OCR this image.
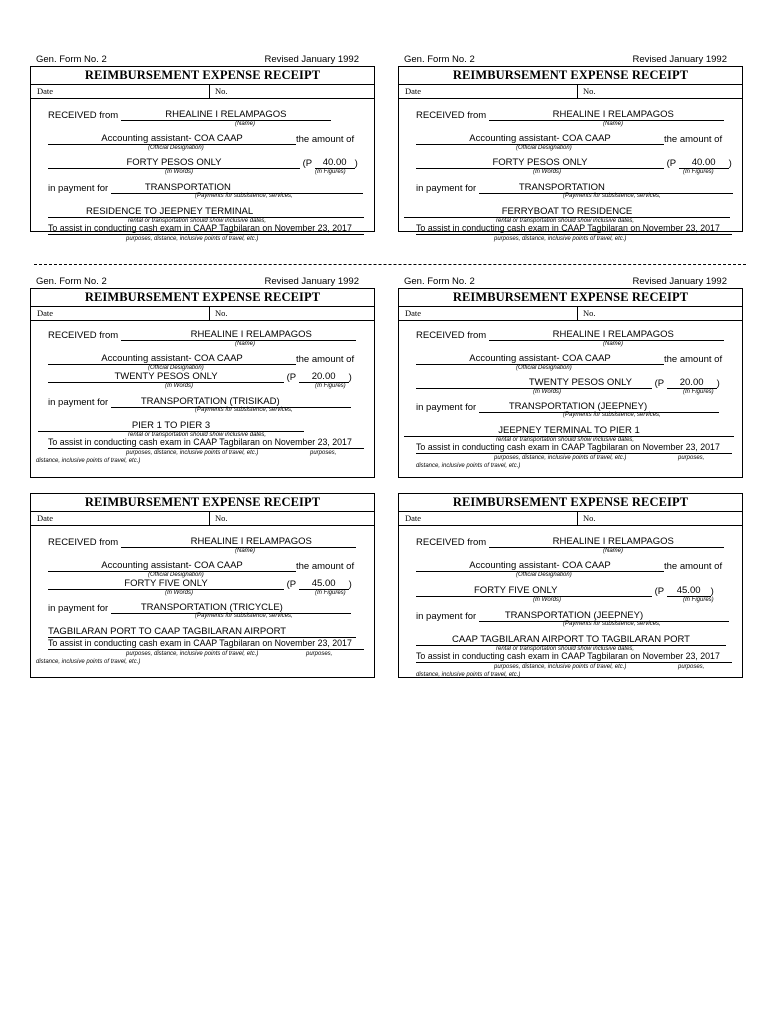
Gen. Form No. 2	Revised January 1992
REIMBURSEMENT EXPENSE RECEIPT
Date	No.
RECEIVED from	RHEALINE I RELAMPAGOS
(Name)
Accounting assistant- COA CAAP	the amount of
(Official Designation)
FORTY PESOS ONLY	(P 40.00 )
(In Words)	(In Figures)
in payment for	TRANSPORTATION
(Payments for subsistence, services,
RESIDENCE TO JEEPNEY TERMINAL
rental or transportation should show inclusive dates,
To assist in conducting cash exam in CAAP Tagbilaran on November 23, 2017
purposes, distance, inclusive points of travel, etc.)
Gen. Form No. 2	Revised January 1992
REIMBURSEMENT EXPENSE RECEIPT
Date	No.
RECEIVED from	RHEALINE I RELAMPAGOS
(Name)
Accounting assistant- COA CAAP	the amount of
(Official Designation)
FORTY PESOS ONLY	(P 40.00 )
(In Words)	(In Figures)
in payment for	TRANSPORTATION
(Payments for subsistence, services,
FERRYBOAT TO RESIDENCE
rental or transportation should show inclusive dates,
To assist in conducting cash exam in CAAP Tagbilaran on November 23, 2017
purposes, distance, inclusive points of travel, etc.)
Gen. Form No. 2	Revised January 1992
REIMBURSEMENT EXPENSE RECEIPT
Date	No.
RECEIVED from	RHEALINE I RELAMPAGOS
(Name)
Accounting assistant- COA CAAP	the amount of
(Official Designation)
TWENTY PESOS ONLY	(P 20.00 )
(In Words)	(In Figures)
in payment for	TRANSPORTATION (TRISIKAD)
(Payments for subsistence, services,
PIER 1 TO PIER 3
rental or transportation should show inclusive dates,
To assist in conducting cash exam in CAAP Tagbilaran on November 23, 2017
purposes, distance, inclusive points of travel, etc.)	purposes,
distance, inclusive points of travel, etc.)
Gen. Form No. 2	Revised January 1992
REIMBURSEMENT EXPENSE RECEIPT
Date	No.
RECEIVED from	RHEALINE I RELAMPAGOS
(Name)
Accounting assistant- COA CAAP	the amount of
(Official Designation)
TWENTY PESOS ONLY (P 20.00 )
(In Words)	(In Figures)
in payment for	TRANSPORTATION (JEEPNEY)
(Payments for subsistence, services,
JEEPNEY TERMINAL TO PIER 1
rental or transportation should show inclusive dates,
To assist in conducting cash exam in CAAP Tagbilaran on November 23, 2017
purposes, distance, inclusive points of travel, etc.)	purposes,
distance, inclusive points of travel, etc.)
REIMBURSEMENT EXPENSE RECEIPT
Date	No.
RECEIVED from	RHEALINE I RELAMPAGOS
(Name)
Accounting assistant- COA CAAP	the amount of
(Official Designation)
FORTY FIVE ONLY	(P 45.00 )
(In Words)	(In Figures)
in payment for	TRANSPORTATION (TRICYCLE)
(Payments for subsistence, services,
TAGBILARAN PORT TO CAAP TAGBILARAN AIRPORT
To assist in conducting cash exam in CAAP Tagbilaran on November 23, 2017
purposes, distance, inclusive points of travel, etc.)	purposes,
distance, inclusive points of travel, etc.)
REIMBURSEMENT EXPENSE RECEIPT
Date	No.
RECEIVED from	RHEALINE I RELAMPAGOS
(Name)
Accounting assistant- COA CAAP	the amount of
(Official Designation)
FORTY FIVE ONLY	(P 45.00 )
(In Words)	(In Figures)
in payment for	TRANSPORTATION (JEEPNEY)
(Payments for subsistence, services,
CAAP TAGBILARAN AIRPORT TO TAGBILARAN PORT
rental or transportation should show inclusive dates,
To assist in conducting cash exam in CAAP Tagbilaran on November 23, 2017
purposes, distance, inclusive points of travel, etc.)	purposes,
distance, inclusive points of travel, etc.)
